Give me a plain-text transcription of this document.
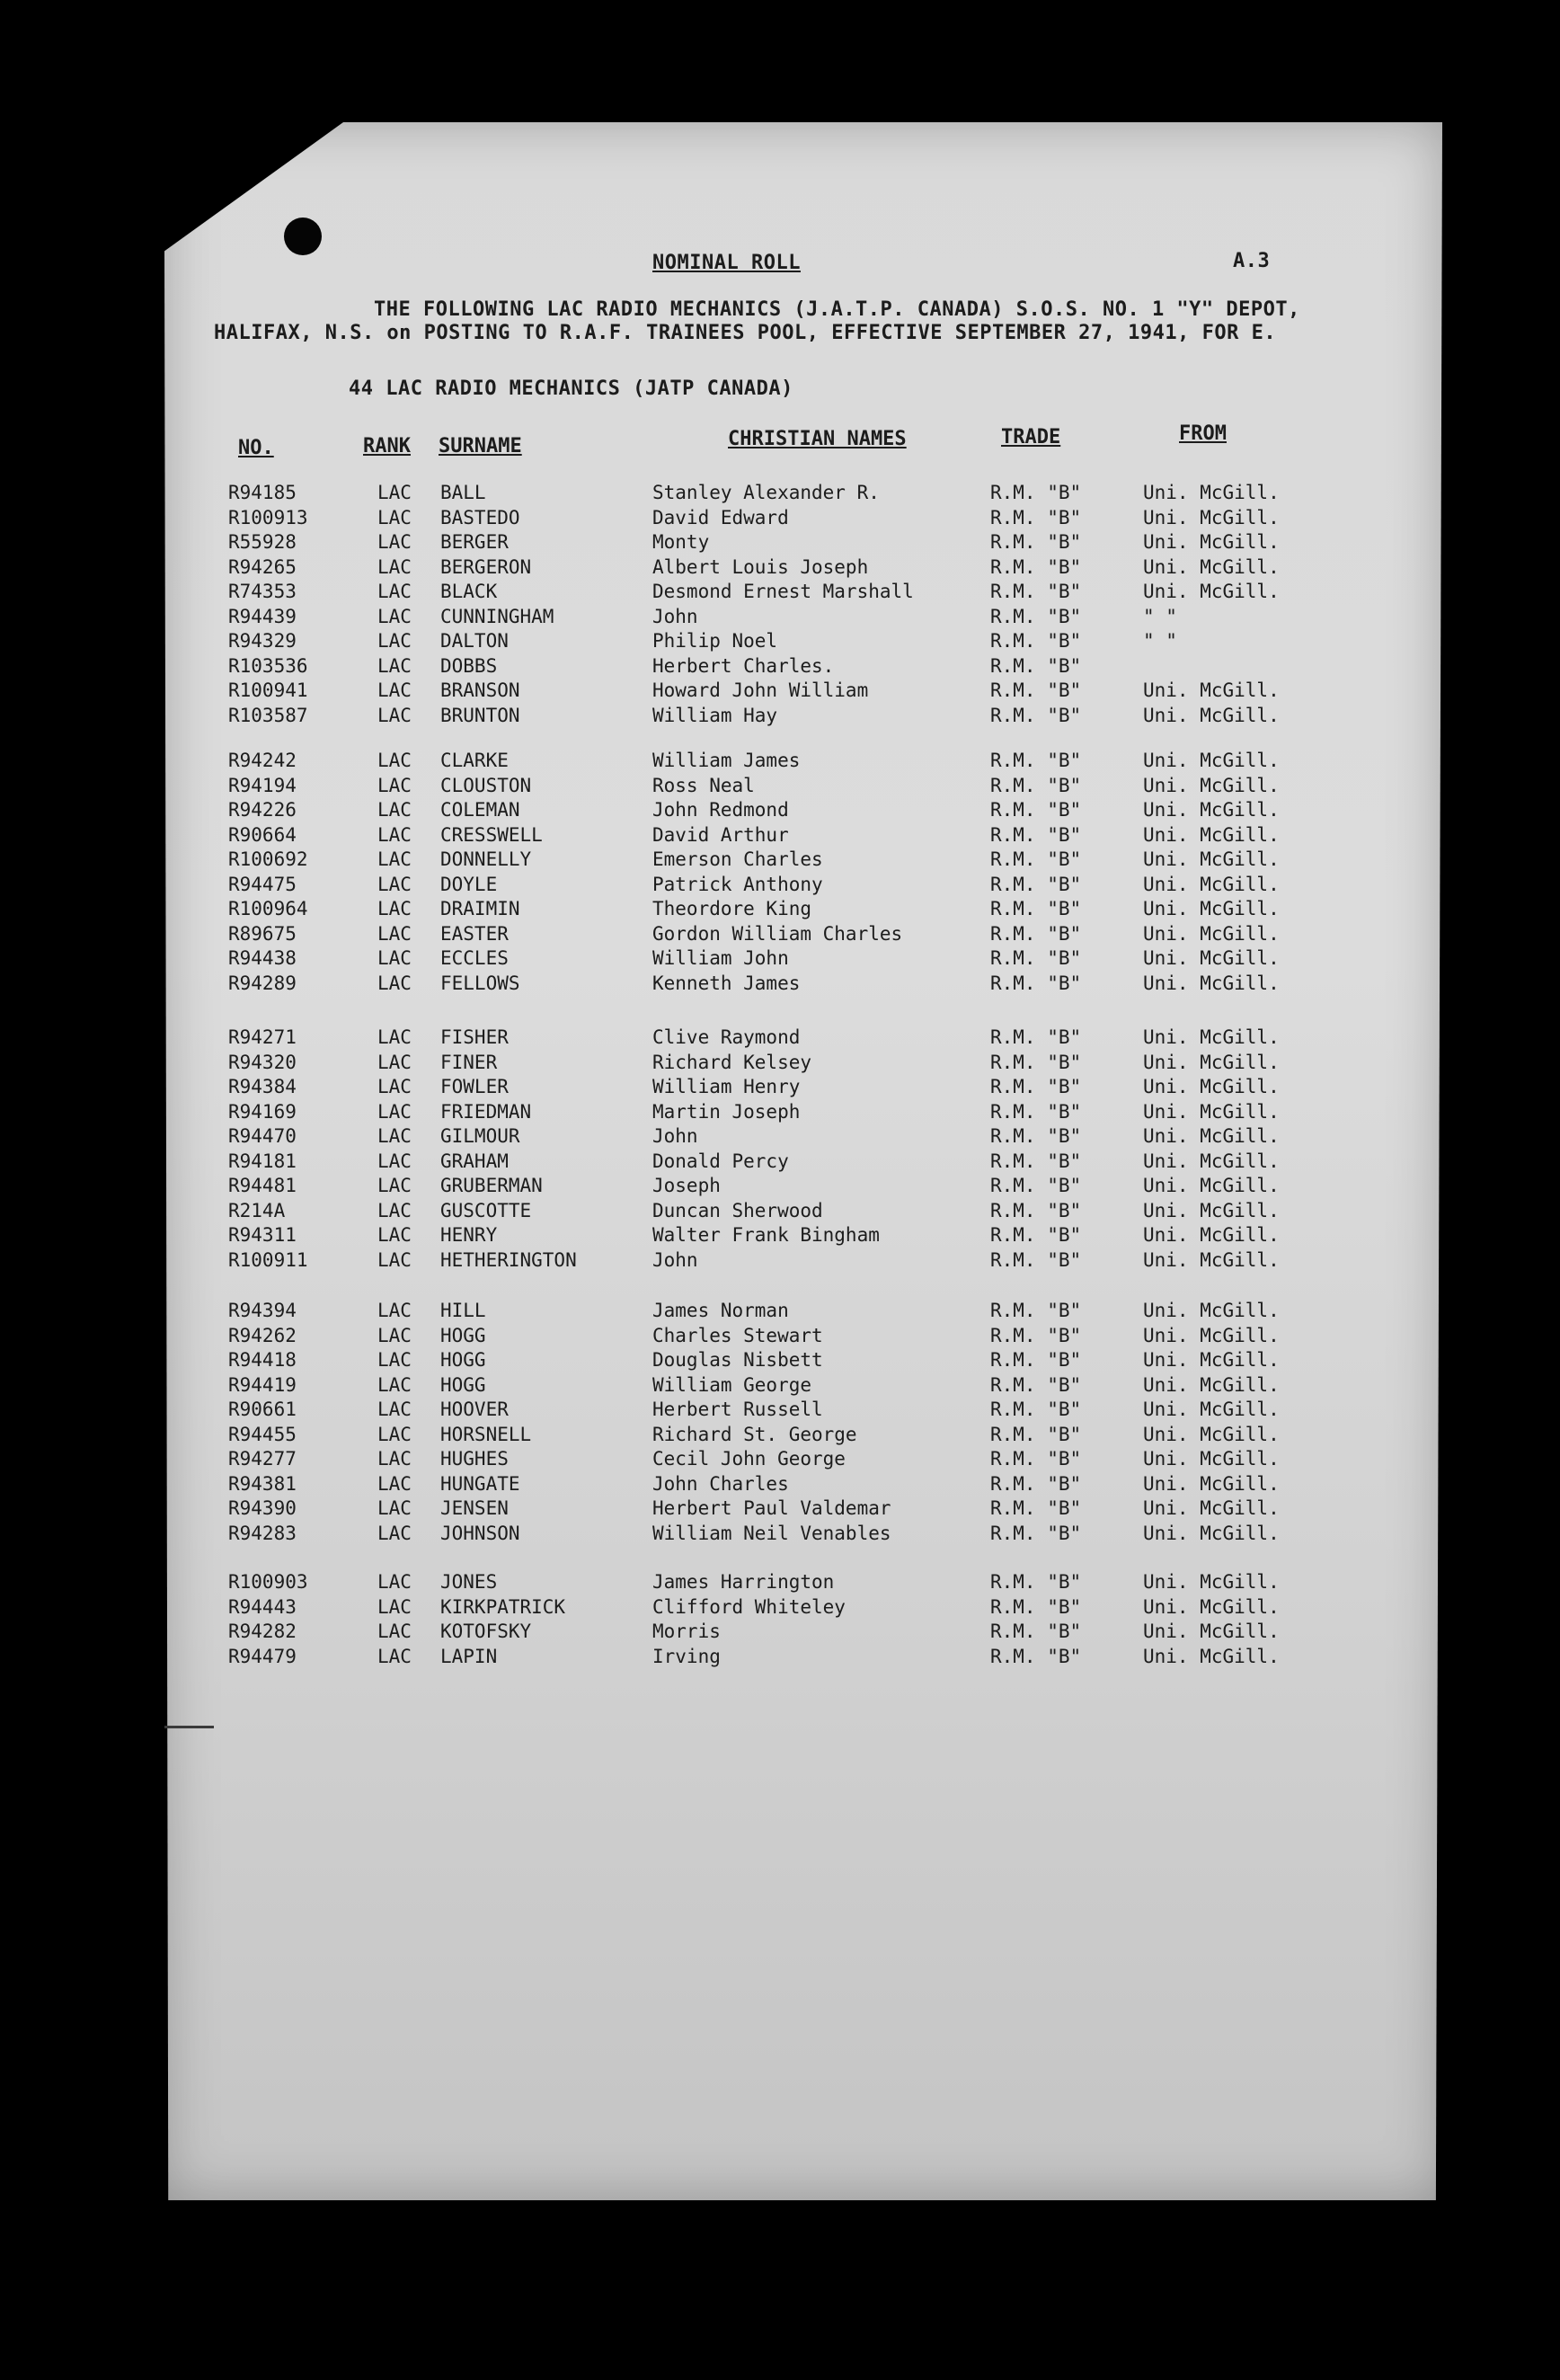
NOMINAL ROLL	A.3
THE FOLLOWING LAC RADIO MECHANICS (J.A.T.P. CANADA) S.O.S. NO. 1 "Y" DEPOT,
HALIFAX, N.S. on POSTING TO R.A.F. TRAINEES POOL, EFFECTIVE SEPTEMBER 27, 1941, FOR E.
44 LAC RADIO MECHANICS (JATP CANADA)
NO.	RANK SURNAME	CHRISTIAN NAMES	TRADE	FROM
R94185	LAC BALL	Stanley Alexander R.	R.M. "B"	Uni. McGill.
R100913	LAC BASTEDO	David Edward	R.M. "B"	Uni. McGill.
R55928	LAC BERGER	Monty	R.M. "B"	Uni. McGill.
R94265	LAC BERGERON	Albert Louis Joseph	R.M. "B"	Uni. McGill.
R74353	LAC BLACK	Desmond Ernest Marshall	R.M. "B"	Uni. McGill.
R94439	LAC CUNNINGHAM	John	R.M. "B"	" "
R94329	LAC DALTON	Philip Noel	R.M. "B"	" "
R103536	LAC DOBBS	Herbert Charles.	R.M. "B"
R100941	LAC BRANSON	Howard John William	R.M. "B"	Uni. McGill.
R103587	LAC BRUNTON	William Hay	R.M. "B"	Uni. McGill.
R94242	LAC CLARKE	William James	R.M. "B"	Uni. McGill.
R94194	LAC CLOUSTON	Ross Neal	R.M. "B"	Uni. McGill.
R94226	LAC COLEMAN	John Redmond	R.M. "B"	Uni. McGill.
R90664	LAC CRESSWELL	David Arthur	R.M. "B"	Uni. McGill.
R100692	LAC DONNELLY	Emerson Charles	R.M. "B"	Uni. McGill.
R94475	LAC DOYLE	Patrick Anthony	R.M. "B"	Uni. McGill.
R100964	LAC DRAIMIN	Theordore King	R.M. "B"	Uni. McGill.
R89675	LAC EASTER	Gordon William Charles	R.M. "B"	Uni. McGill.
R94438	LAC ECCLES	William John	R.M. "B"	Uni. McGill.
R94289	LAC FELLOWS	Kenneth James	R.M. "B"	Uni. McGill.
R94271	LAC FISHER	Clive Raymond	R.M. "B"	Uni. McGill.
R94320	LAC FINER	Richard Kelsey	R.M. "B"	Uni. McGill.
R94384	LAC FOWLER	William Henry	R.M. "B"	Uni. McGill.
R94169	LAC FRIEDMAN	Martin Joseph	R.M. "B"	Uni. McGill.
R94470	LAC GILMOUR	John	R.M. "B"	Uni. McGill.
R94181	LAC GRAHAM	Donald Percy	R.M. "B"	Uni. McGill.
R94481	LAC GRUBERMAN	Joseph	R.M. "B"	Uni. McGill.
R214A	LAC GUSCOTTE	Duncan Sherwood	R.M. "B"	Uni. McGill.
R94311	LAC HENRY	Walter Frank Bingham	R.M. "B"	Uni. McGill.
R100911	LAC HETHERINGTON	John	R.M. "B"	Uni. McGill.
R94394	LAC HILL	James Norman	R.M. "B"	Uni. McGill.
R94262	LAC HOGG	Charles Stewart	R.M. "B"	Uni. McGill.
R94418	LAC HOGG	Douglas Nisbett	R.M. "B"	Uni. McGill.
R94419	LAC HOGG	William George	R.M. "B"	Uni. McGill.
R90661	LAC HOOVER	Herbert Russell	R.M. "B"	Uni. McGill.
R94455	LAC HORSNELL	Richard St. George	R.M. "B"	Uni. McGill.
R94277	LAC HUGHES	Cecil John George	R.M. "B"	Uni. McGill.
R94381	LAC HUNGATE	John Charles	R.M. "B"	Uni. McGill.
R94390	LAC JENSEN	Herbert Paul Valdemar	R.M. "B"	Uni. McGill.
R94283	LAC JOHNSON	William Neil Venables	R.M. "B"	Uni. McGill.
R100903	LAC JONES	James Harrington	R.M. "B"	Uni. McGill.
R94443	LAC KIRKPATRICK	Clifford Whiteley	R.M. "B"	Uni. McGill.
R94282	LAC KOTOFSKY	Morris	R.M. "B"	Uni. McGill.
R94479	LAC LAPIN	Irving	R.M. "B"	Uni. McGill.
